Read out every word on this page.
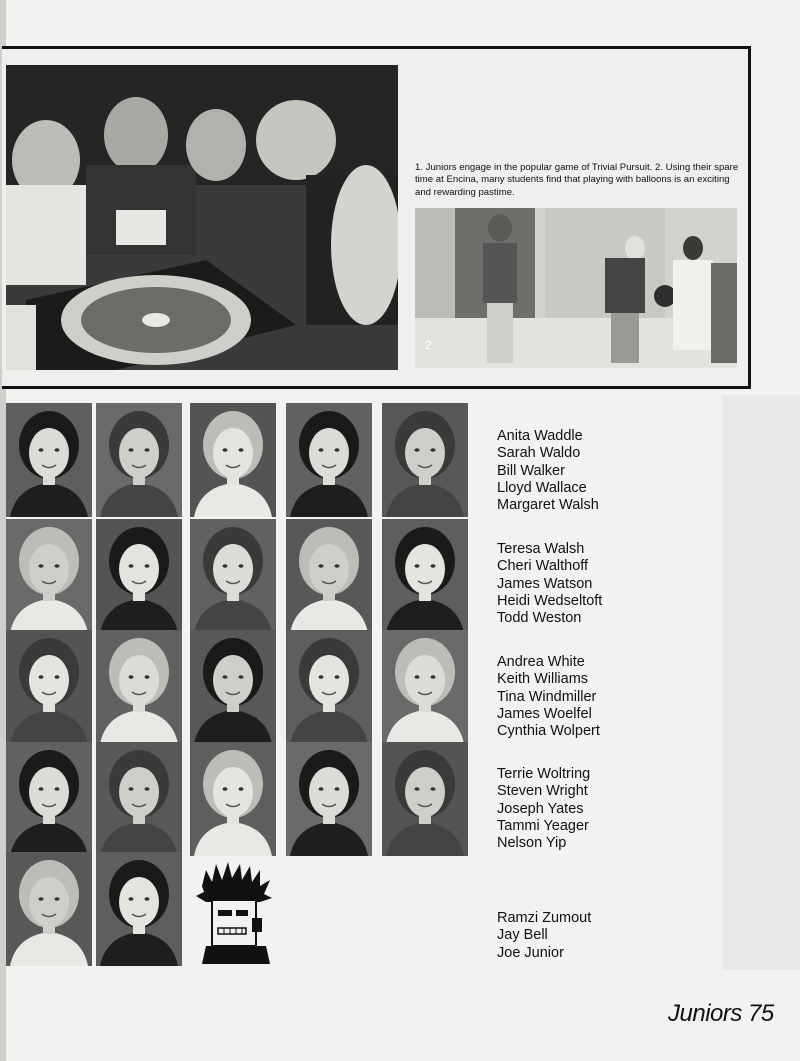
1. Juniors engage in the popular game of Trivial Pursuit. 2. Using their spare time at Encina, many students find that playing with balloons is an exciting and rewarding pastime.

2
Anita Waddle
Sarah Waldo
Bill Walker
Lloyd Wallace
Margaret Walsh
Teresa Walsh
Cheri Walthoff
James Watson
Heidi Wedseltoft
Todd Weston
Andrea White
Keith Williams
Tina Windmiller
James Woelfel
Cynthia Wolpert
Terrie Woltring
Steven Wright
Joseph Yates
Tammi Yeager
Nelson Yip
Ramzi Zumout
Jay Bell
Joe Junior
Juniors 75
